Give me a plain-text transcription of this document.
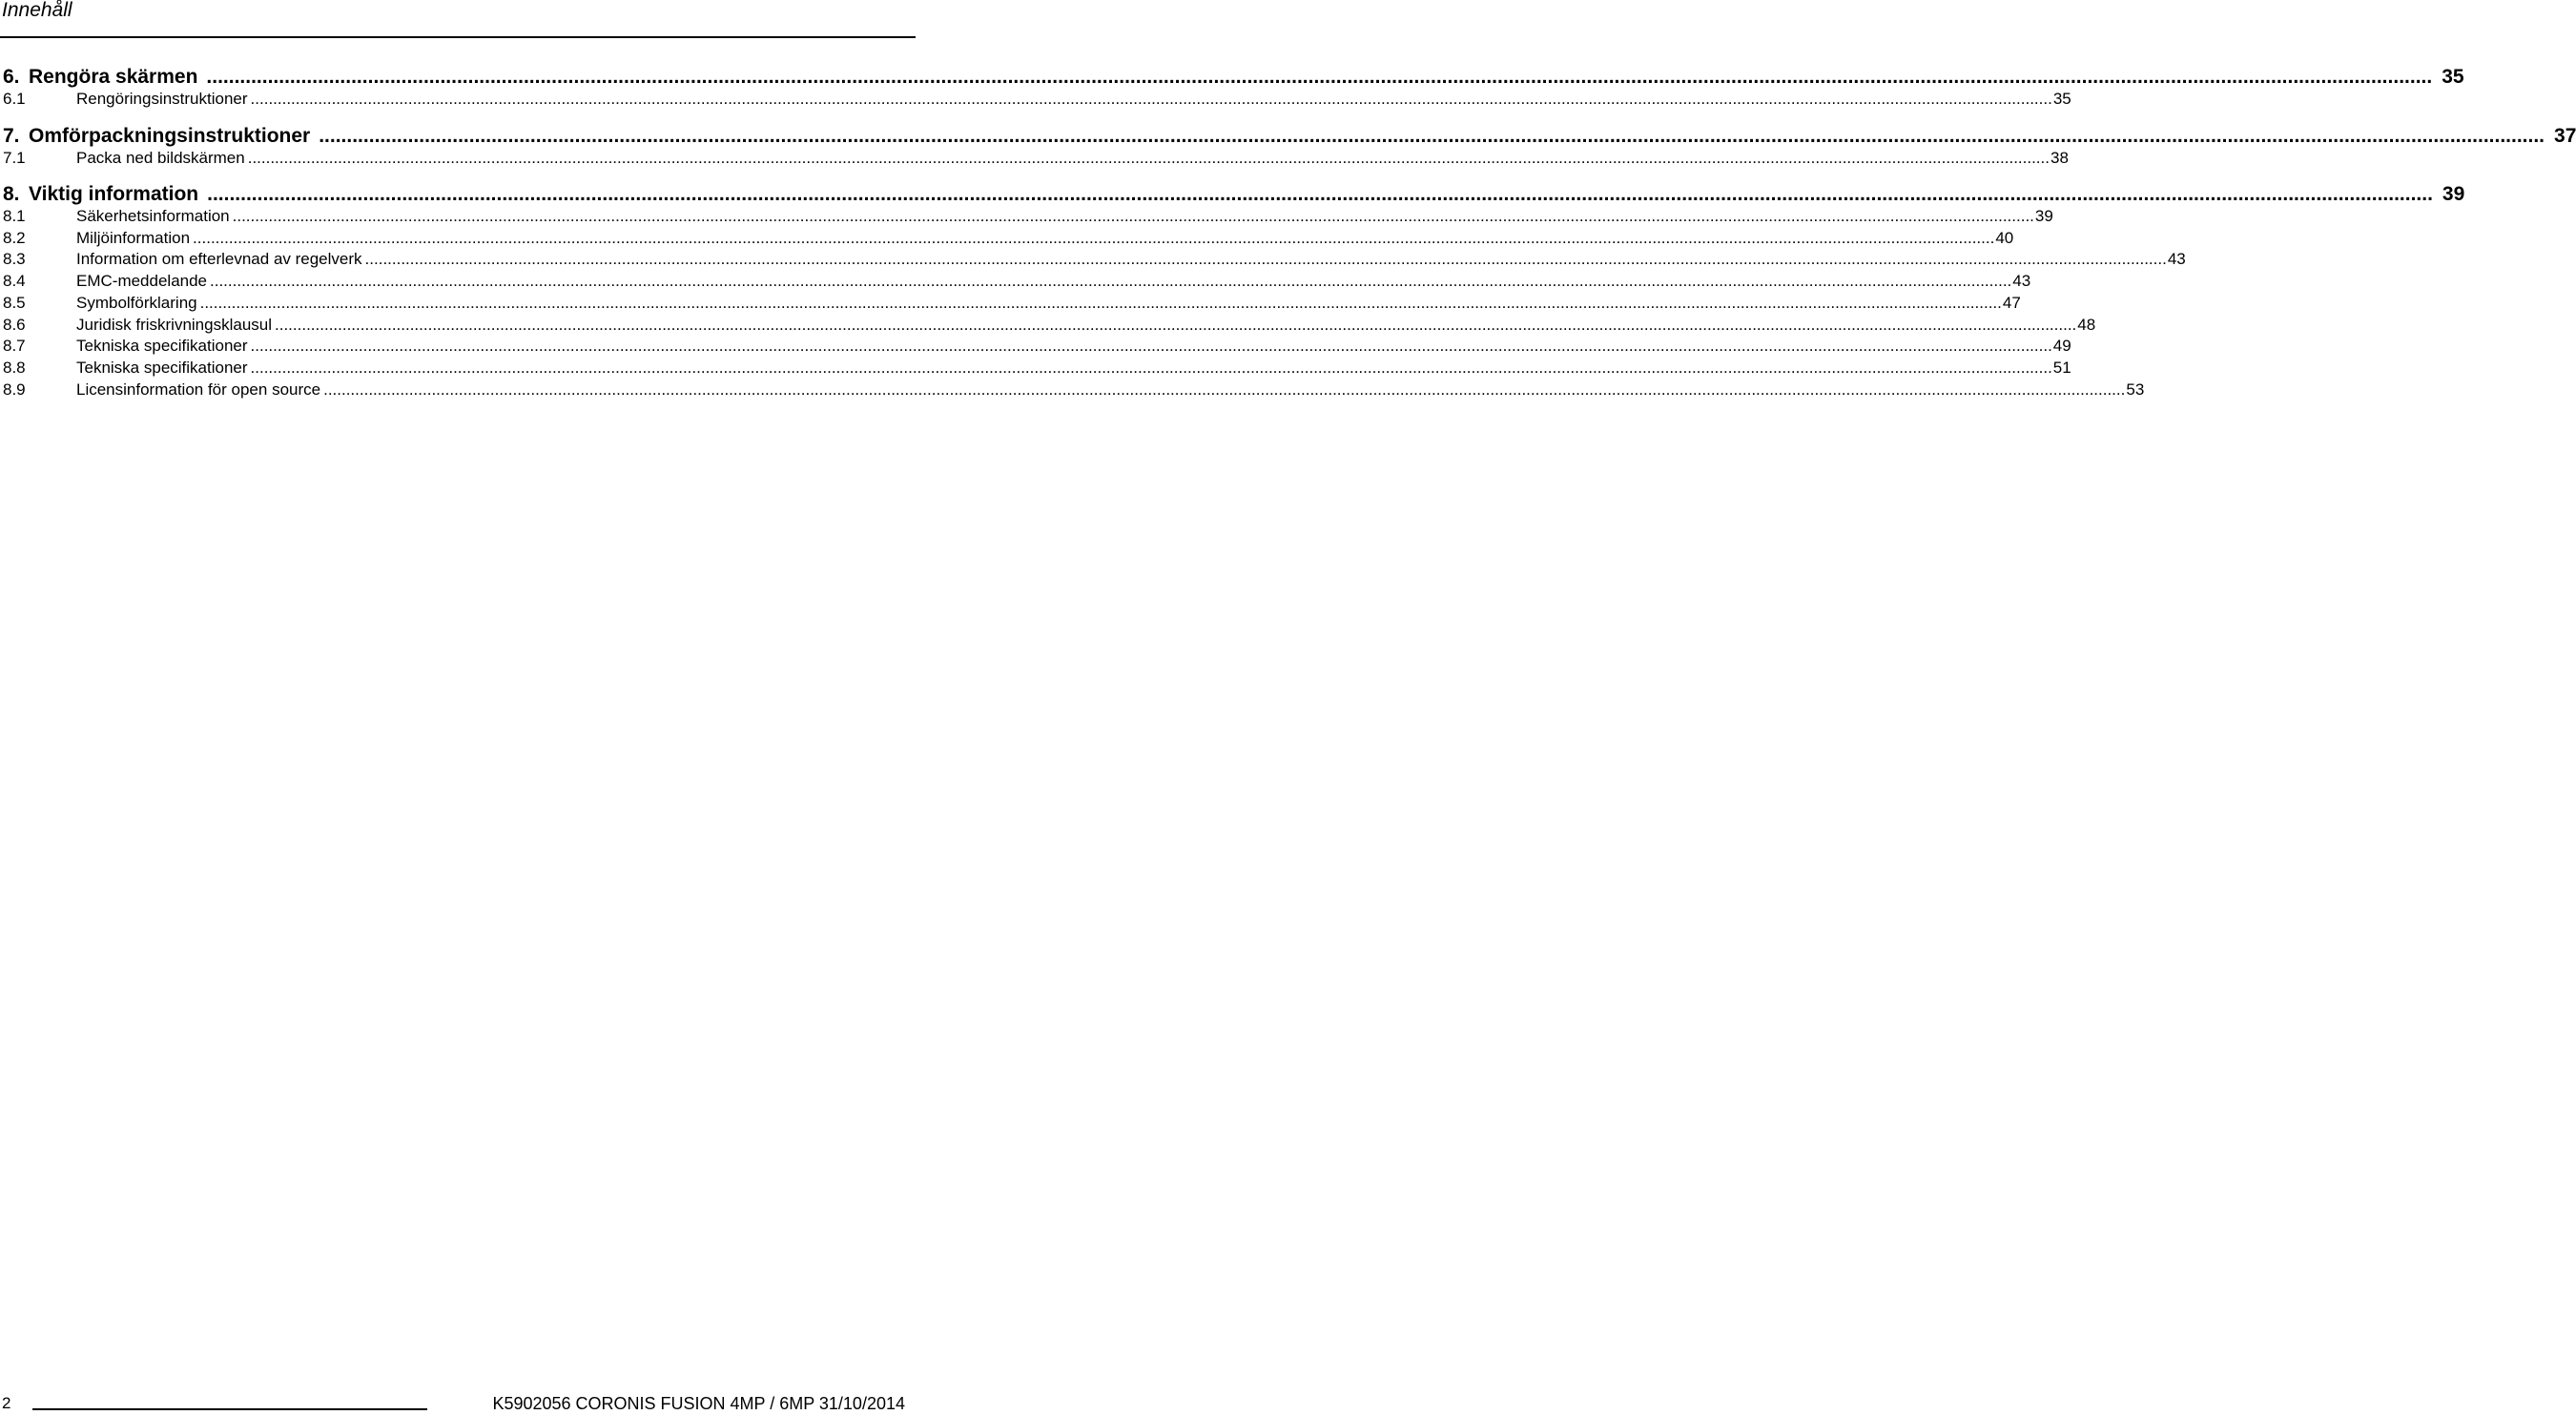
Innehåll
6. Rengöra skärmen ................................................................................................................................................................................................................................................................................................................................................................................................................ 35
6.1	Rengöringsinstruktioner ................................................................................................................................................................................................................................................................................................................................................................................................................ 35
7. Omförpackningsinstruktioner ................................................................................................................................................................................................................................................................................................................................................................................................................ 37
7.1	Packa ned bildskärmen ................................................................................................................................................................................................................................................................................................................................................................................................................ 38
8. Viktig information ................................................................................................................................................................................................................................................................................................................................................................................................................ 39
8.1	Säkerhetsinformation ................................................................................................................................................................................................................................................................................................................................................................................................................ 39
8.2	Miljöinformation ................................................................................................................................................................................................................................................................................................................................................................................................................ 40
8.3	Information om efterlevnad av regelverk ................................................................................................................................................................................................................................................................................................................................................................................................................ 43
8.4	EMC-meddelande ................................................................................................................................................................................................................................................................................................................................................................................................................ 43
8.5	Symbolförklaring ................................................................................................................................................................................................................................................................................................................................................................................................................ 47
8.6	Juridisk friskrivningsklausul ................................................................................................................................................................................................................................................................................................................................................................................................................ 48
8.7	Tekniska specifikationer ................................................................................................................................................................................................................................................................................................................................................................................................................ 49
8.8	Tekniska specifikationer ................................................................................................................................................................................................................................................................................................................................................................................................................ 51
8.9	Licensinformation för open source ................................................................................................................................................................................................................................................................................................................................................................................................................ 53
2	K5902056 CORONIS FUSION 4MP / 6MP 31/10/2014
